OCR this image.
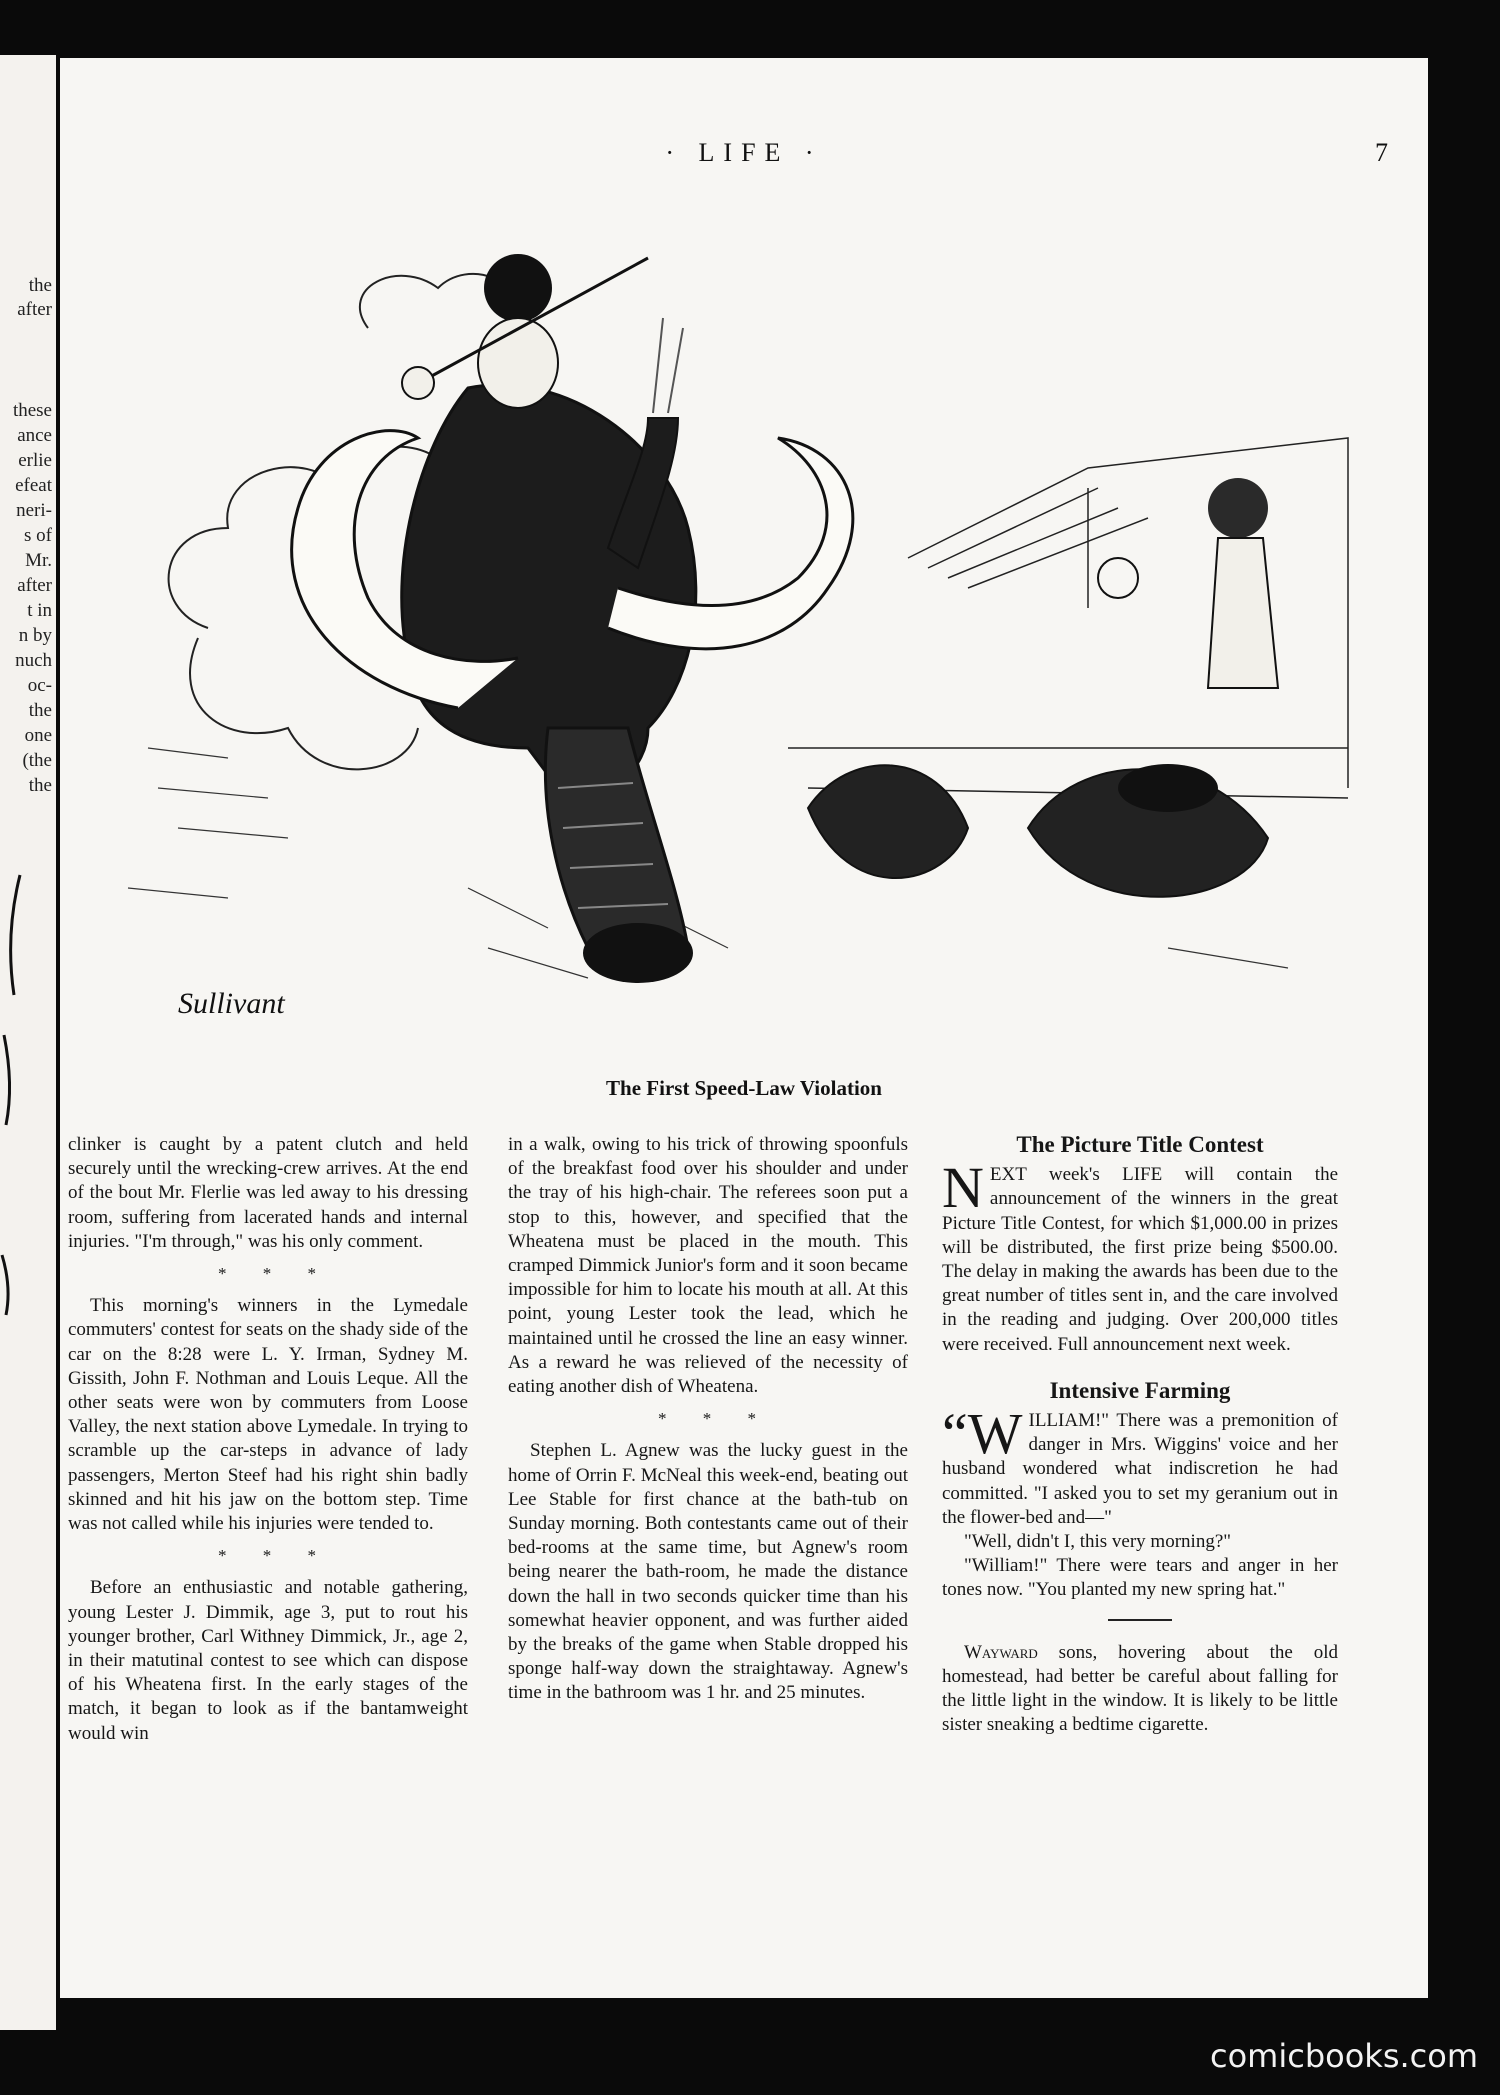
the
after
these
ance
erlie
efeat
neri-
s of
Mr.
after
t in
n by
nuch
oc-
the
one
(the
the
· LIFE ·	7
Sullivant
The First Speed-Law Violation

clinker is caught by a patent clutch and held securely until the wrecking-crew arrives. At the end of the bout Mr. Flerlie was led away to his dressing room, suffering from lacerated hands and internal injuries. "I'm through," was his only comment.

* * *

This morning's winners in the Lymedale commuters' contest for seats on the shady side of the car on the 8:28 were L. Y. Irman, Sydney M. Gissith, John F. Nothman and Louis Leque. All the other seats were won by commuters from Loose Valley, the next station above Lymedale. In trying to scramble up the car-steps in advance of lady passengers, Merton Steef had his right shin badly skinned and hit his jaw on the bottom step. Time was not called while his injuries were tended to.

* * *

Before an enthusiastic and notable gathering, young Lester J. Dimmik, age 3, put to rout his younger brother, Carl Withney Dimmick, Jr., age 2, in their matutinal contest to see which can dispose of his Wheatena first. In the early stages of the match, it began to look as if the bantamweight would win

in a walk, owing to his trick of throwing spoonfuls of the breakfast food over his shoulder and under the tray of his high-chair. The referees soon put a stop to this, however, and specified that the Wheatena must be placed in the mouth. This cramped Dimmick Junior's form and it soon became impossible for him to locate his mouth at all. At this point, young Lester took the lead, which he maintained until he crossed the line an easy winner. As a reward he was relieved of the necessity of eating another dish of Wheatena.

* * *

Stephen L. Agnew was the lucky guest in the home of Orrin F. McNeal this week-end, beating out Lee Stable for first chance at the bath-tub on Sunday morning. Both contestants came out of their bed-rooms at the same time, but Agnew's room being nearer the bath-room, he made the distance down the hall in two seconds quicker time than his somewhat heavier opponent, and was further aided by the breaks of the game when Stable dropped his sponge half-way down the straightaway. Agnew's time in the bathroom was 1 hr. and 25 minutes.

The Picture Title Contest

NEXT week's LIFE will contain the announcement of the winners in the great Picture Title Contest, for which $1,000.00 in prizes will be distributed, the first prize being $500.00. The delay in making the awards has been due to the great number of titles sent in, and the care involved in the reading and judging. Over 200,000 titles were received. Full announcement next week.

Intensive Farming

“WILLIAM!" There was a premonition of danger in Mrs. Wiggins' voice and her husband wondered what indiscretion he had committed. "I asked you to set my geranium out in the flower-bed and—"

"Well, didn't I, this very morning?"

"William!" There were tears and anger in her tones now. "You planted my new spring hat."

Wayward sons, hovering about the old homestead, had better be careful about falling for the little light in the window. It is likely to be little sister sneaking a bedtime cigarette.

comicbooks.com
